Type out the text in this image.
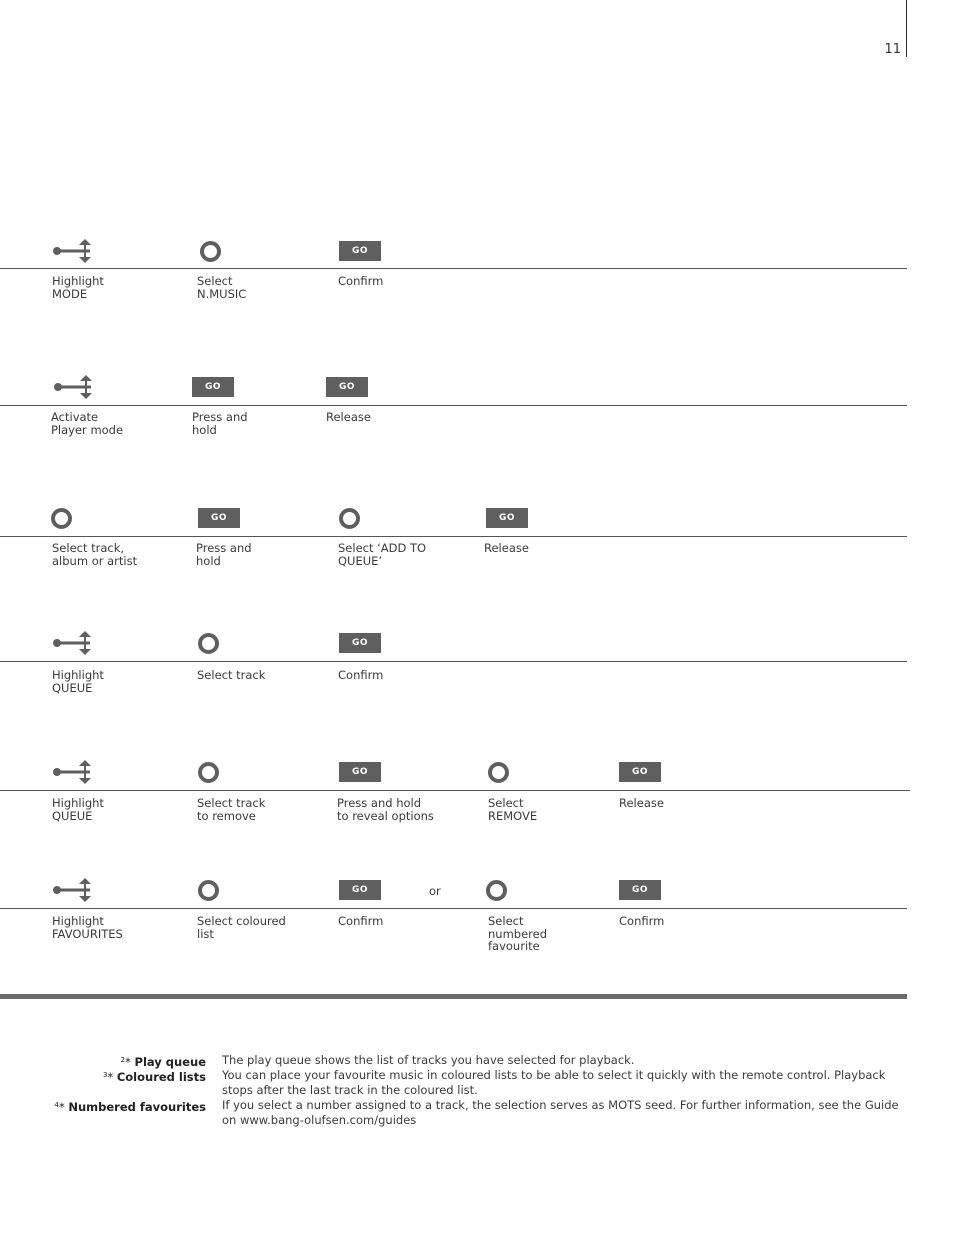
11
Highlight
MODE
Select
N.MUSIC
GO
Confirm
Activate
Player mode
GO
Press and
hold
GO
Release
Select track,
album or artist
GO
Press and
hold
Select ‘ADD TO
QUEUE’
GO
Release
Highlight
QUEUE
Select track
GO
Confirm
Highlight
QUEUE
Select track
to remove
GO
Press and hold
to reveal options
Select
REMOVE
GO
Release
Highlight
FAVOURITES
Select coloured
list
GO
Confirm	Select
numbered
favourite
GO
Confirm
or
$^2$* Play queue The play queue shows the list of tracks you have selected for playback.
$^3$* Coloured lists You can place your favourite music in coloured lists to be able to select it quickly with the remote control. Playback stops after the last track in the coloured list.
$^4$* Numbered favourites If you select a number assigned to a track, the selection serves as MOTS seed. For further information, see the Guide on www.bang-olufsen.com/guides
